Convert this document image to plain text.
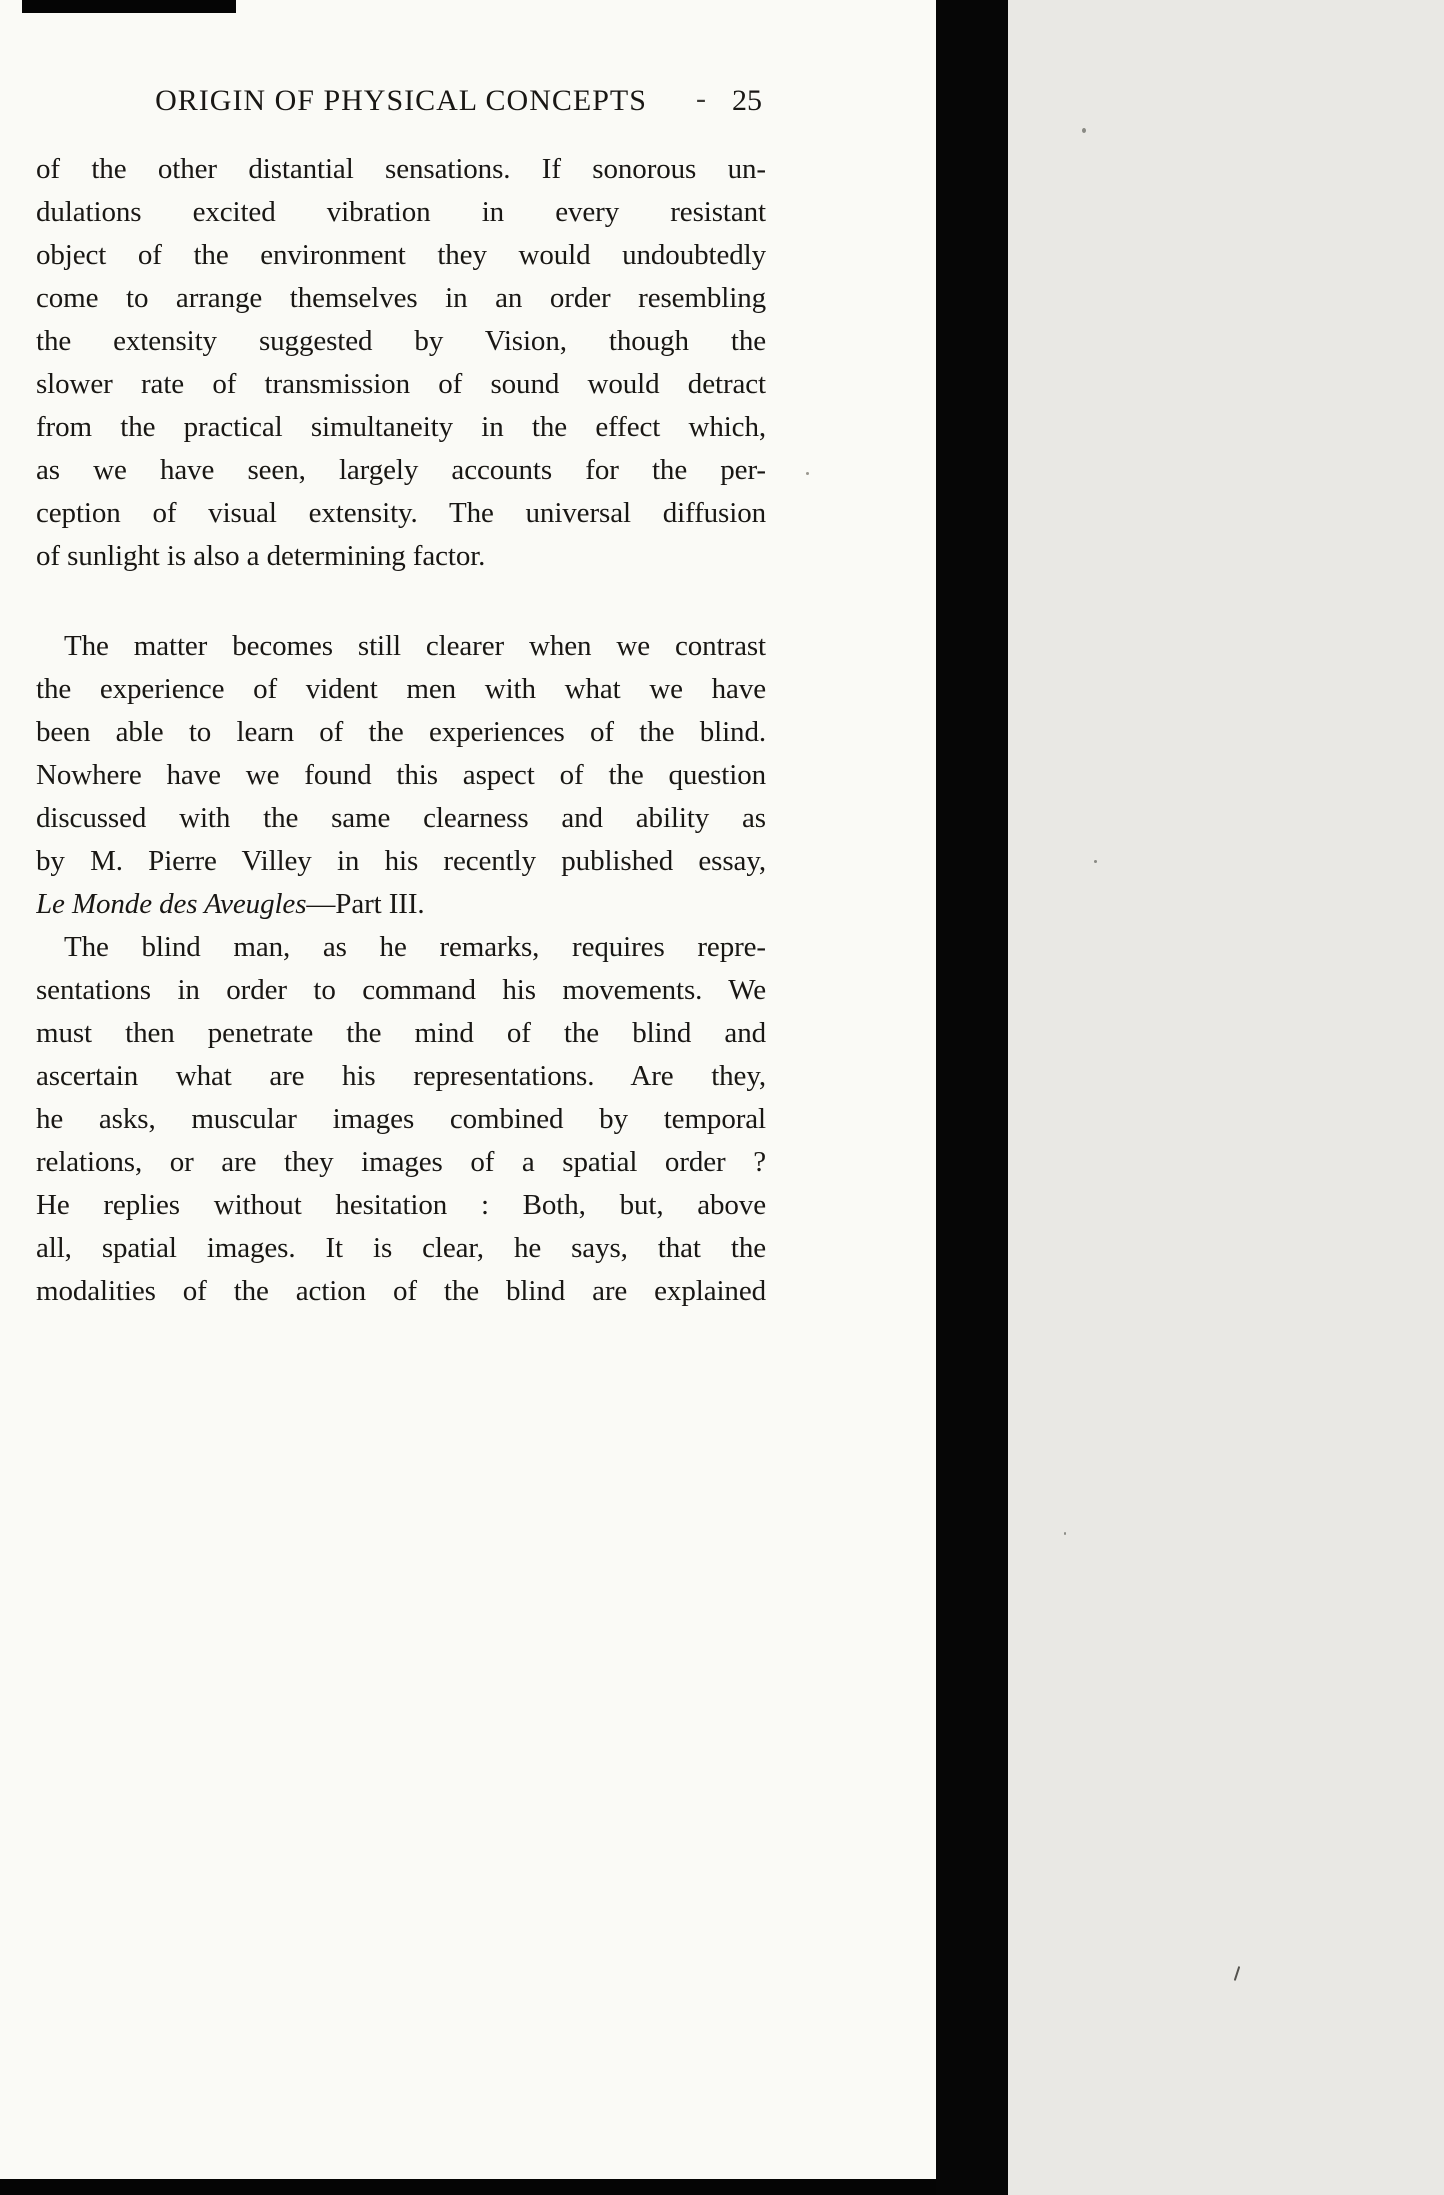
ORIGIN OF PHYSICAL CONCEPTS - 25
of the other distantial sensations. If sonorous un-
dulations excited vibration in every resistant
object of the environment they would undoubtedly
come to arrange themselves in an order resembling
the extensity suggested by Vision, though the
slower rate of transmission of sound would detract
from the practical simultaneity in the effect which,
as we have seen, largely accounts for the per-
ception of visual extensity. The universal diffusion
of sunlight is also a determining factor.
The matter becomes still clearer when we contrast
the experience of vident men with what we have
been able to learn of the experiences of the blind.
Nowhere have we found this aspect of the question
discussed with the same clearness and ability as
by M. Pierre Villey in his recently published essay,
Le Monde des Aveugles—Part III.
The blind man, as he remarks, requires repre-
sentations in order to command his movements. We
must then penetrate the mind of the blind and
ascertain what are his representations. Are they,
he asks, muscular images combined by temporal
relations, or are they images of a spatial order ?
He replies without hesitation : Both, but, above
all, spatial images. It is clear, he says, that the
modalities of the action of the blind are explained
